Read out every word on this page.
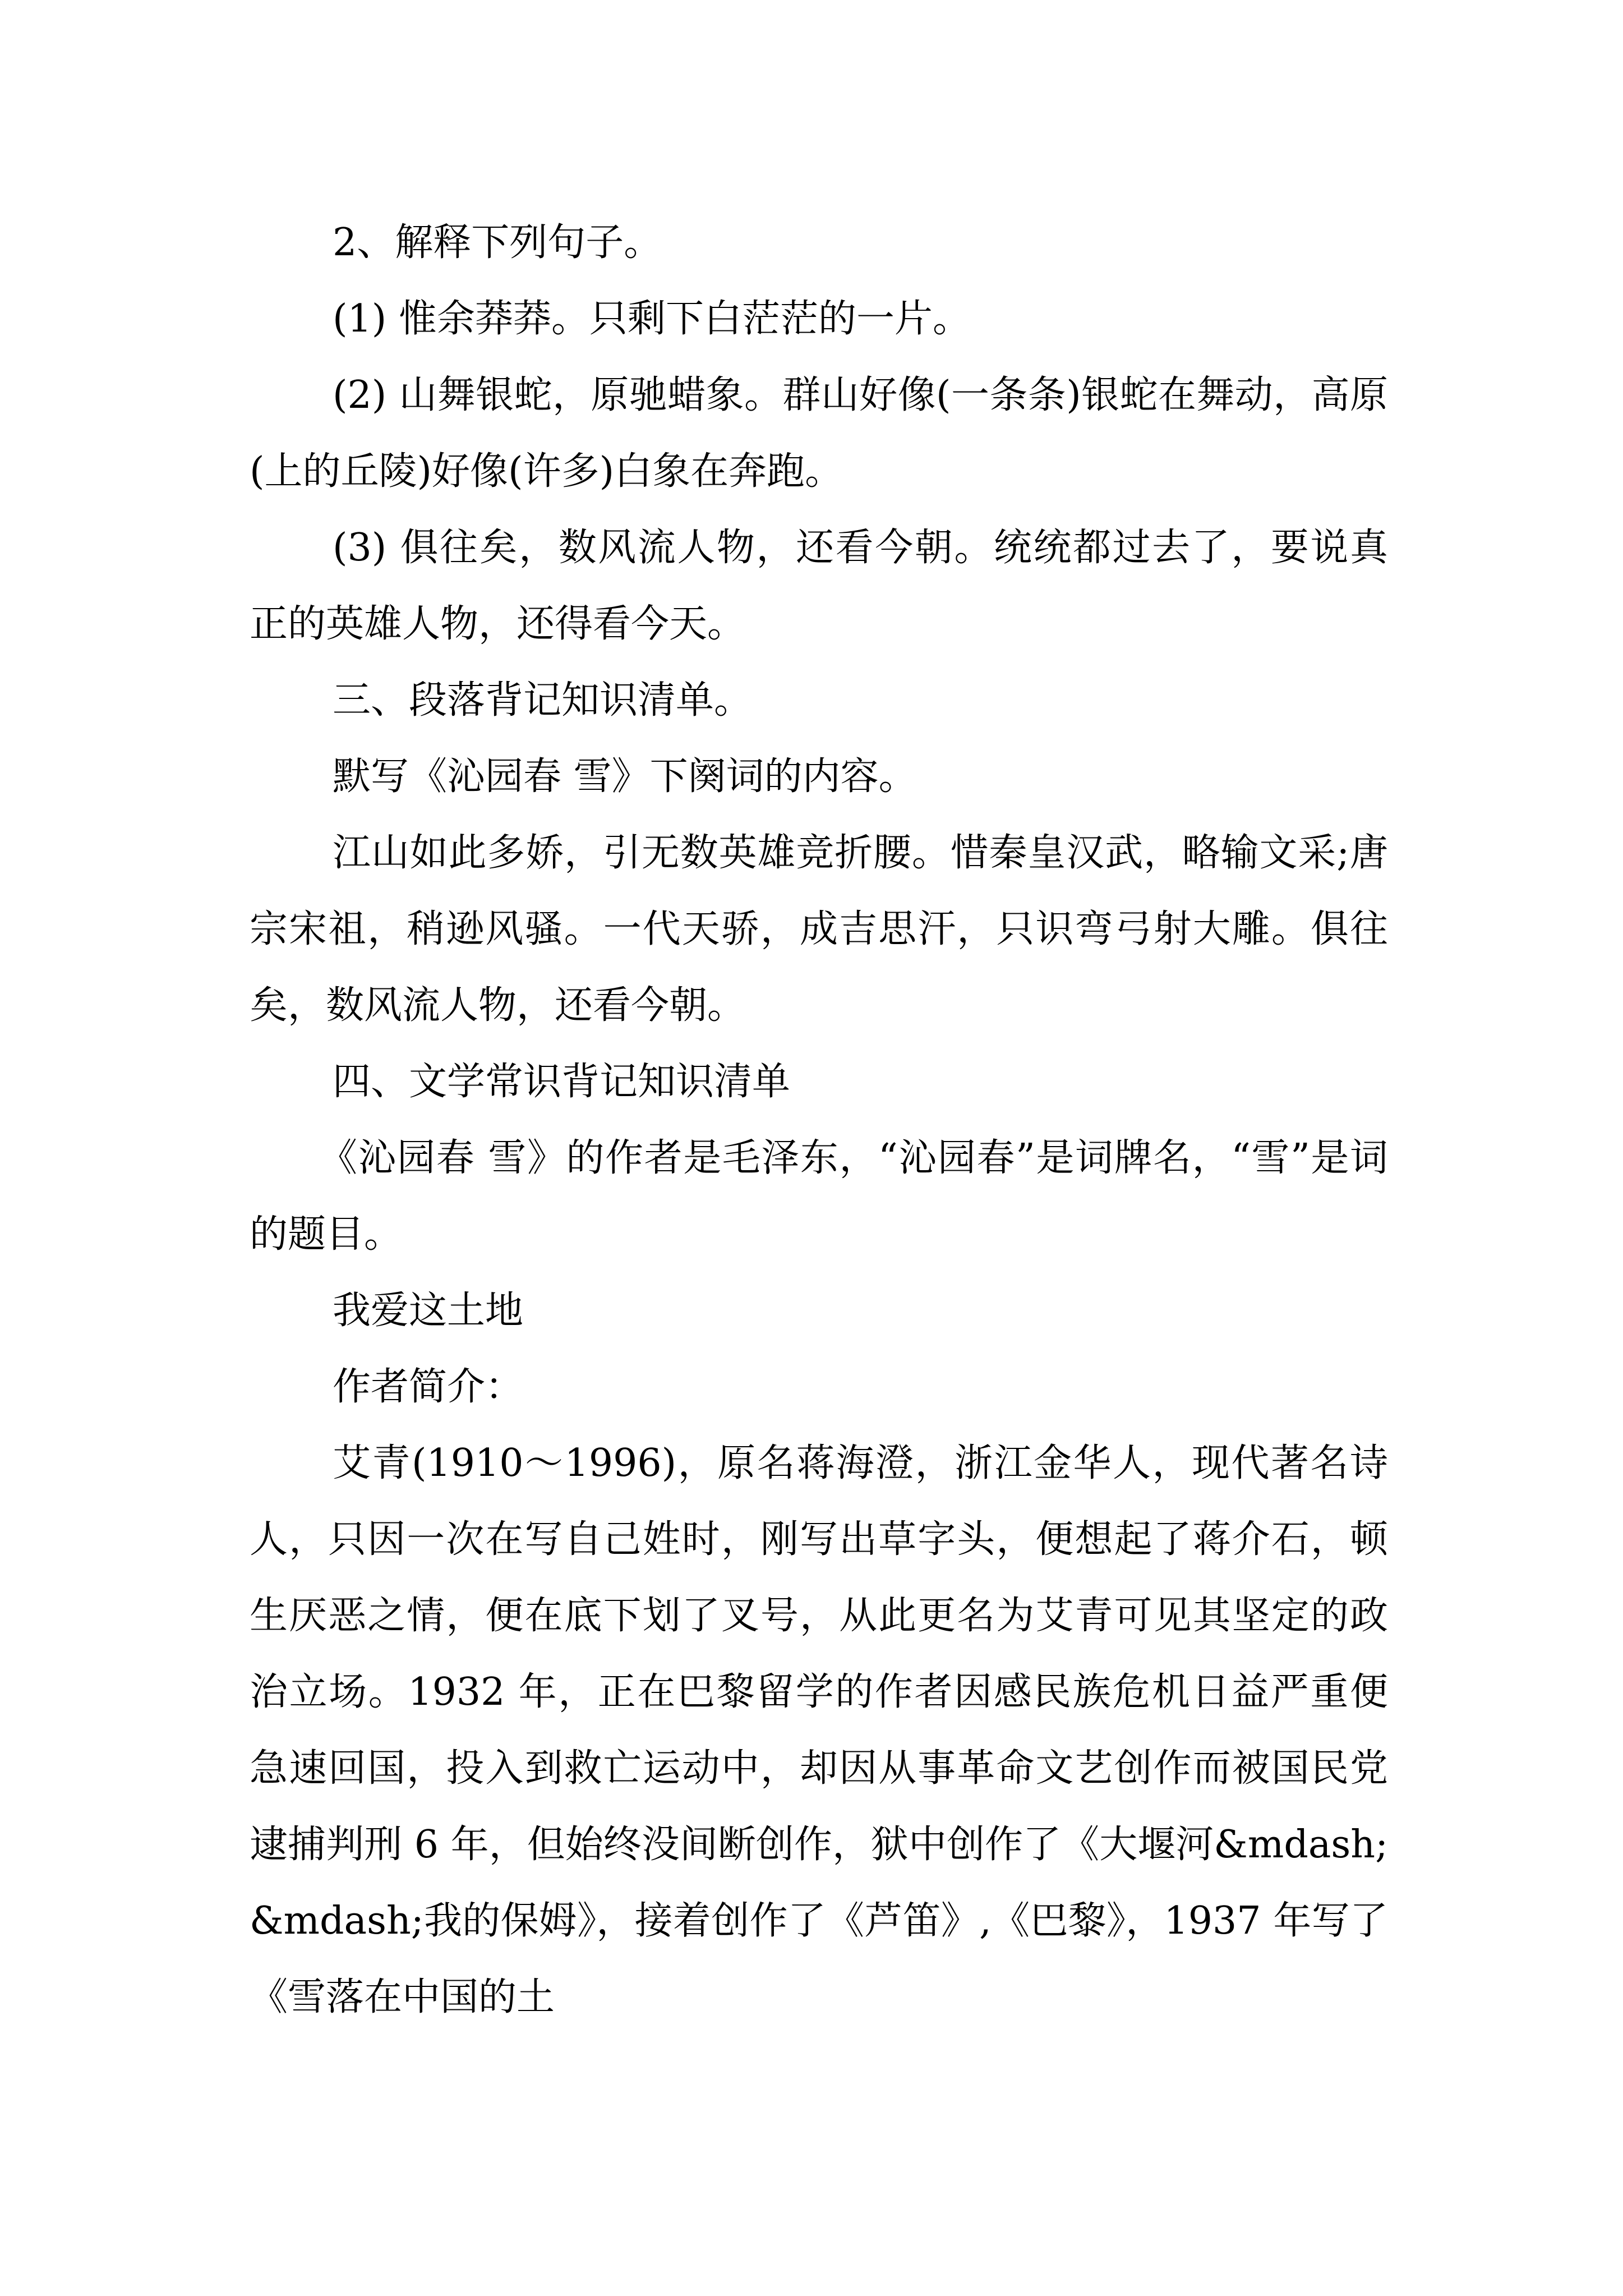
2、解释下列句子。

(1) 惟余莽莽。只剩下白茫茫的一片。

(2) 山舞银蛇，原驰蜡象。群山好像(一条条)银蛇在舞动，高原(上的丘陵)好像(许多)白象在奔跑。

(3) 俱往矣，数风流人物，还看今朝。统统都过去了，要说真正的英雄人物，还得看今天。

三、段落背记知识清单。

默写《沁园春 雪》下阕词的内容。

江山如此多娇，引无数英雄竞折腰。惜秦皇汉武，略输文采;唐宗宋祖，稍逊风骚。一代天骄，成吉思汗，只识弯弓射大雕。俱往矣，数风流人物，还看今朝。

四、文学常识背记知识清单

《沁园春 雪》的作者是毛泽东，“沁园春”是词牌名，“雪”是词的题目。

我爱这土地

作者简介：

艾青(1910～1996)，原名蒋海澄，浙江金华人，现代著名诗人，只因一次在写自己姓时，刚写出草字头，便想起了蒋介石，顿生厌恶之情，便在底下划了叉号，从此更名为艾青可见其坚定的政治立场。1932 年，正在巴黎留学的作者因感民族危机日益严重便急速回国，投入到救亡运动中，却因从事革命文艺创作而被国民党逮捕判刑 6 年，但始终没间断创作，狱中创作了《大堰河&mdash;&mdash;我的保姆》，接着创作了《芦笛》,《巴黎》，1937 年写了《雪落在中国的土
